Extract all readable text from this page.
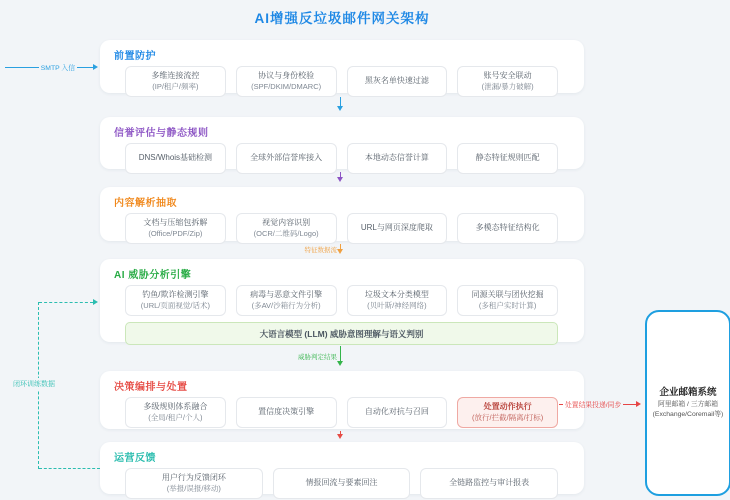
AI增强反垃圾邮件网关架构
SMTP 入信
前置防护
多维连接流控
(IP/租户/频率)
协议与身份校验
(SPF/DKIM/DMARC)
黑灰名单快速过滤
账号安全联动
(泄漏/暴力破解)
信誉评估与静态规则
DNS/Whois基础检测	全球外部信誉库接入	本地动态信誉计算	静态特征规则匹配
内容解析抽取
文档与压缩包拆解
(Office/PDF/Zip)
视觉内容识别
(OCR/二维码/Logo)
URL与网页深度爬取	多模态特征结构化
特征数据流
AI 威胁分析引擎
钓鱼/欺诈检测引擎
(URL/页面视觉/话术)
病毒与恶意文件引擎
(多AV/沙箱行为分析)
垃圾文本分类模型
(贝叶斯/神经网络)
同源关联与团伙挖掘
(多租户实时计算)
大语言模型 (LLM) 威胁意图理解与语义判别
威胁判定结果
决策编排与处置
多级规则体系融合
(全局/租户/个人)
置信度决策引擎	自动化对抗与召回
处置动作执行
(放行/拦截/隔离/打标)
运营反馈
用户行为反馈闭环
(举报/误报/移动)
情报回流与要素回注	全链路监控与审计报表
处置结果投递/同步
企业邮箱系统
阿里邮箱 / 三方邮箱
(Exchange/Coremail等)
闭环训练数据
